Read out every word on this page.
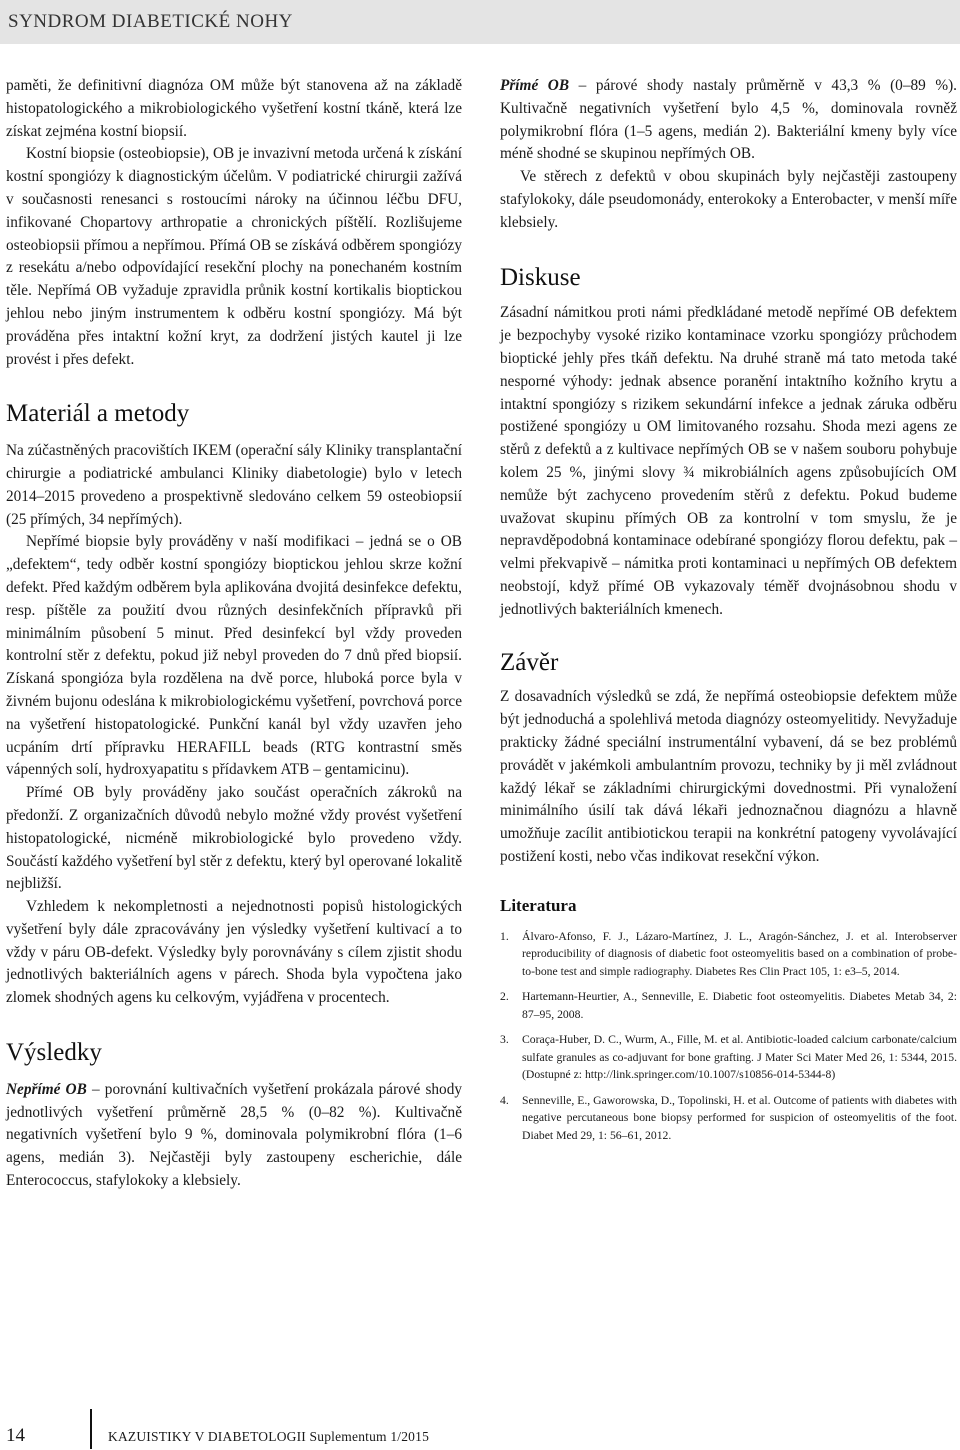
SYNDROM DIABETICKÉ NOHY

paměti, že definitivní diagnóza OM může být stanovena až na základě histopatologického a mikrobiologického vyšetření kostní tkáně, která lze získat zejména kostní biopsií.

Kostní biopsie (osteobiopsie), OB je invazivní metoda určená k získání kostní spongiózy k diagnostickým účelům. V podiatrické chirurgii zažívá v současnosti renesanci s rostoucími nároky na účinnou léčbu DFU, infikované Chopartovy arthropatie a chronických píštělí. Rozlišujeme osteobiopsii přímou a nepřímou. Přímá OB se získává odběrem spongiózy z resekátu a/nebo odpovídající resekční plochy na ponechaném kostním těle. Nepřímá OB vyžaduje zpravidla průnik kostní kortikalis bioptickou jehlou nebo jiným instrumentem k odběru kostní spongiózy. Má být prováděna přes intaktní kožní kryt, za dodržení jistých kautel ji lze provést i přes defekt.

Materiál a metody

Na zúčastněných pracovištích IKEM (operační sály Kliniky transplantační chirurgie a podiatrické ambulanci Kliniky diabetologie) bylo v letech 2014–2015 provedeno a prospektivně sledováno celkem 59 osteobiopsií (25 přímých, 34 nepřímých).

Nepřímé biopsie byly prováděny v naší modifikaci – jedná se o OB „defektem“, tedy odběr kostní spongiózy bioptickou jehlou skrze kožní defekt. Před každým odběrem byla aplikována dvojitá desinfekce defektu, resp. píštěle za použití dvou různých desinfekčních přípravků při minimálním působení 5 minut. Před desinfekcí byl vždy proveden kontrolní stěr z defektu, pokud již nebyl proveden do 7 dnů před biopsií. Získaná spongióza byla rozdělena na dvě porce, hluboká porce byla v živném bujonu odeslána k mikrobiologickému vyšetření, povrchová porce na vyšetření histopatologické. Punkční kanál byl vždy uzavřen jeho ucpáním drtí přípravku HERAFILL beads (RTG kontrastní směs vápenných solí, hydroxyapatitu s přídavkem ATB – gentamicinu).

Přímé OB byly prováděny jako součást operačních zákroků na předonží. Z organizačních důvodů nebylo možné vždy provést vyšetření histopatologické, nicméně mikrobiologické bylo provedeno vždy. Součástí každého vyšetření byl stěr z defektu, který byl operované lokalitě nejbližší.

Vzhledem k nekompletnosti a nejednotnosti popisů histologických vyšetření byly dále zpracovávány jen výsledky vyšetření kultivací a to vždy v páru OB-defekt. Výsledky byly porovnávány s cílem zjistit shodu jednotlivých bakteriálních agens v párech. Shoda byla vypočtena jako zlomek shodných agens ku celkovým, vyjádřena v procentech.

Výsledky

Nepřímé OB – porovnání kultivačních vyšetření prokázala párové shody jednotlivých vyšetření průměrně 28,5 % (0–82 %). Kultivačně negativních vyšetření bylo 9 %, dominovala polymikrobní flóra (1–6 agens, medián 3). Nejčastěji byly zastoupeny escherichie, dále Enterococcus, stafylokoky a klebsiely.

Přímé OB – párové shody nastaly průměrně v 43,3 % (0–89 %). Kultivačně negativních vyšetření bylo 4,5 %, dominovala rovněž polymikrobní flóra (1–5 agens, medián 2). Bakteriální kmeny byly více méně shodné se skupinou nepřímých OB.

Ve stěrech z defektů v obou skupinách byly nejčastěji zastoupeny stafylokoky, dále pseudomonády, enterokoky a Enterobacter, v menší míře klebsiely.

Diskuse

Zásadní námitkou proti námi předkládané metodě nepřímé OB defektem je bezpochyby vysoké riziko kontaminace vzorku spongiózy průchodem bioptické jehly přes tkáň defektu. Na druhé straně má tato metoda také nesporné výhody: jednak absence poranění intaktního kožního krytu a intaktní spongiózy s rizikem sekundární infekce a jednak záruka odběru postižené spongiózy u OM limitovaného rozsahu. Shoda mezi agens ze stěrů z defektů a z kultivace nepřímých OB se v našem souboru pohybuje kolem 25 %, jinými slovy ¾ mikrobiálních agens způsobujících OM nemůže být zachyceno provedením stěrů z defektu. Pokud budeme uvažovat skupinu přímých OB za kontrolní v tom smyslu, že je nepravděpodobná kontaminace odebírané spongiózy florou defektu, pak – velmi překvapivě – námitka proti kontaminaci u nepřímých OB defektem neobstojí, když přímé OB vykazovaly téměř dvojnásobnou shodu v jednotlivých bakteriálních kmenech.

Závěr

Z dosavadních výsledků se zdá, že nepřímá osteobiopsie defektem může být jednoduchá a spolehlivá metoda diagnózy osteomyelitidy. Nevyžaduje prakticky žádné speciální instrumentální vybavení, dá se bez problémů provádět v jakémkoli ambulantním provozu, techniky by ji měl zvládnout každý lékař se základními chirurgickými dovednostmi. Při vynaložení minimálního úsilí tak dává lékaři jednoznačnou diagnózu a hlavně umožňuje zacílit antibiotickou terapii na konkrétní patogeny vyvolávající postižení kosti, nebo včas indikovat resekční výkon.

Literatura
1. Álvaro-Afonso, F. J., Lázaro-Martínez, J. L., Aragón-Sánchez, J. et al. Interobserver reproducibility of diagnosis of diabetic foot osteomyelitis based on a combination of probe-to-bone test and simple radiography. Diabetes Res Clin Pract 105, 1: e3–5, 2014.
2. Hartemann-Heurtier, A., Senneville, E. Diabetic foot osteomyelitis. Diabetes Metab 34, 2: 87–95, 2008.
3. Coraça-Huber, D. C., Wurm, A., Fille, M. et al. Antibiotic-loaded calcium carbonate/calcium sulfate granules as co-adjuvant for bone grafting. J Mater Sci Mater Med 26, 1: 5344, 2015. (Dostupné z: http://link.springer.com/10.1007/s10856-014-5344-8)
4. Senneville, E., Gaworowska, D., Topolinski, H. et al. Outcome of patients with diabetes with negative percutaneous bone biopsy performed for suspicion of osteomyelitis of the foot. Diabet Med 29, 1: 56–61, 2012.
14	KAZUISTIKY V DIABETOLOGII Suplementum 1/2015
